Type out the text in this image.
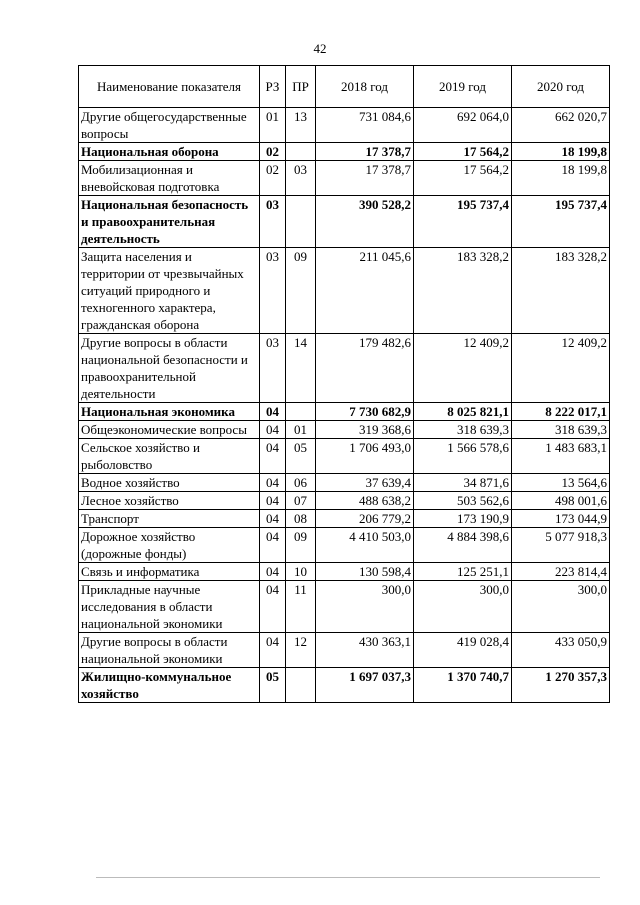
42
Наименование показателя	РЗ	ПР	2018 год	2019 год	2020 год
Другие общегосударственные вопросы	01	13	731 084,6	692 064,0	662 020,7
Национальная оборона	02		17 378,7	17 564,2	18 199,8
Мобилизационная и вневойсковая подготовка	02	03	17 378,7	17 564,2	18 199,8
Национальная безопасность и правоохранительная деятельность	03		390 528,2	195 737,4	195 737,4
Защита населения и территории от чрезвычайных ситуаций природного и техногенного характера, гражданская оборона	03	09	211 045,6	183 328,2	183 328,2
Другие вопросы в области национальной безопасности и правоохранительной деятельности	03	14	179 482,6	12 409,2	12 409,2
Национальная экономика	04		7 730 682,9	8 025 821,1	8 222 017,1
Общеэкономические вопросы	04	01	319 368,6	318 639,3	318 639,3
Сельское хозяйство и рыболовство	04	05	1 706 493,0	1 566 578,6	1 483 683,1
Водное хозяйство	04	06	37 639,4	34 871,6	13 564,6
Лесное хозяйство	04	07	488 638,2	503 562,6	498 001,6
Транспорт	04	08	206 779,2	173 190,9	173 044,9
Дорожное хозяйство (дорожные фонды)	04	09	4 410 503,0	4 884 398,6	5 077 918,3
Связь и информатика	04	10	130 598,4	125 251,1	223 814,4
Прикладные научные исследования в области национальной экономики	04	11	300,0	300,0	300,0
Другие вопросы в области национальной экономики	04	12	430 363,1	419 028,4	433 050,9
Жилищно-коммунальное хозяйство	05		1 697 037,3	1 370 740,7	1 270 357,3
